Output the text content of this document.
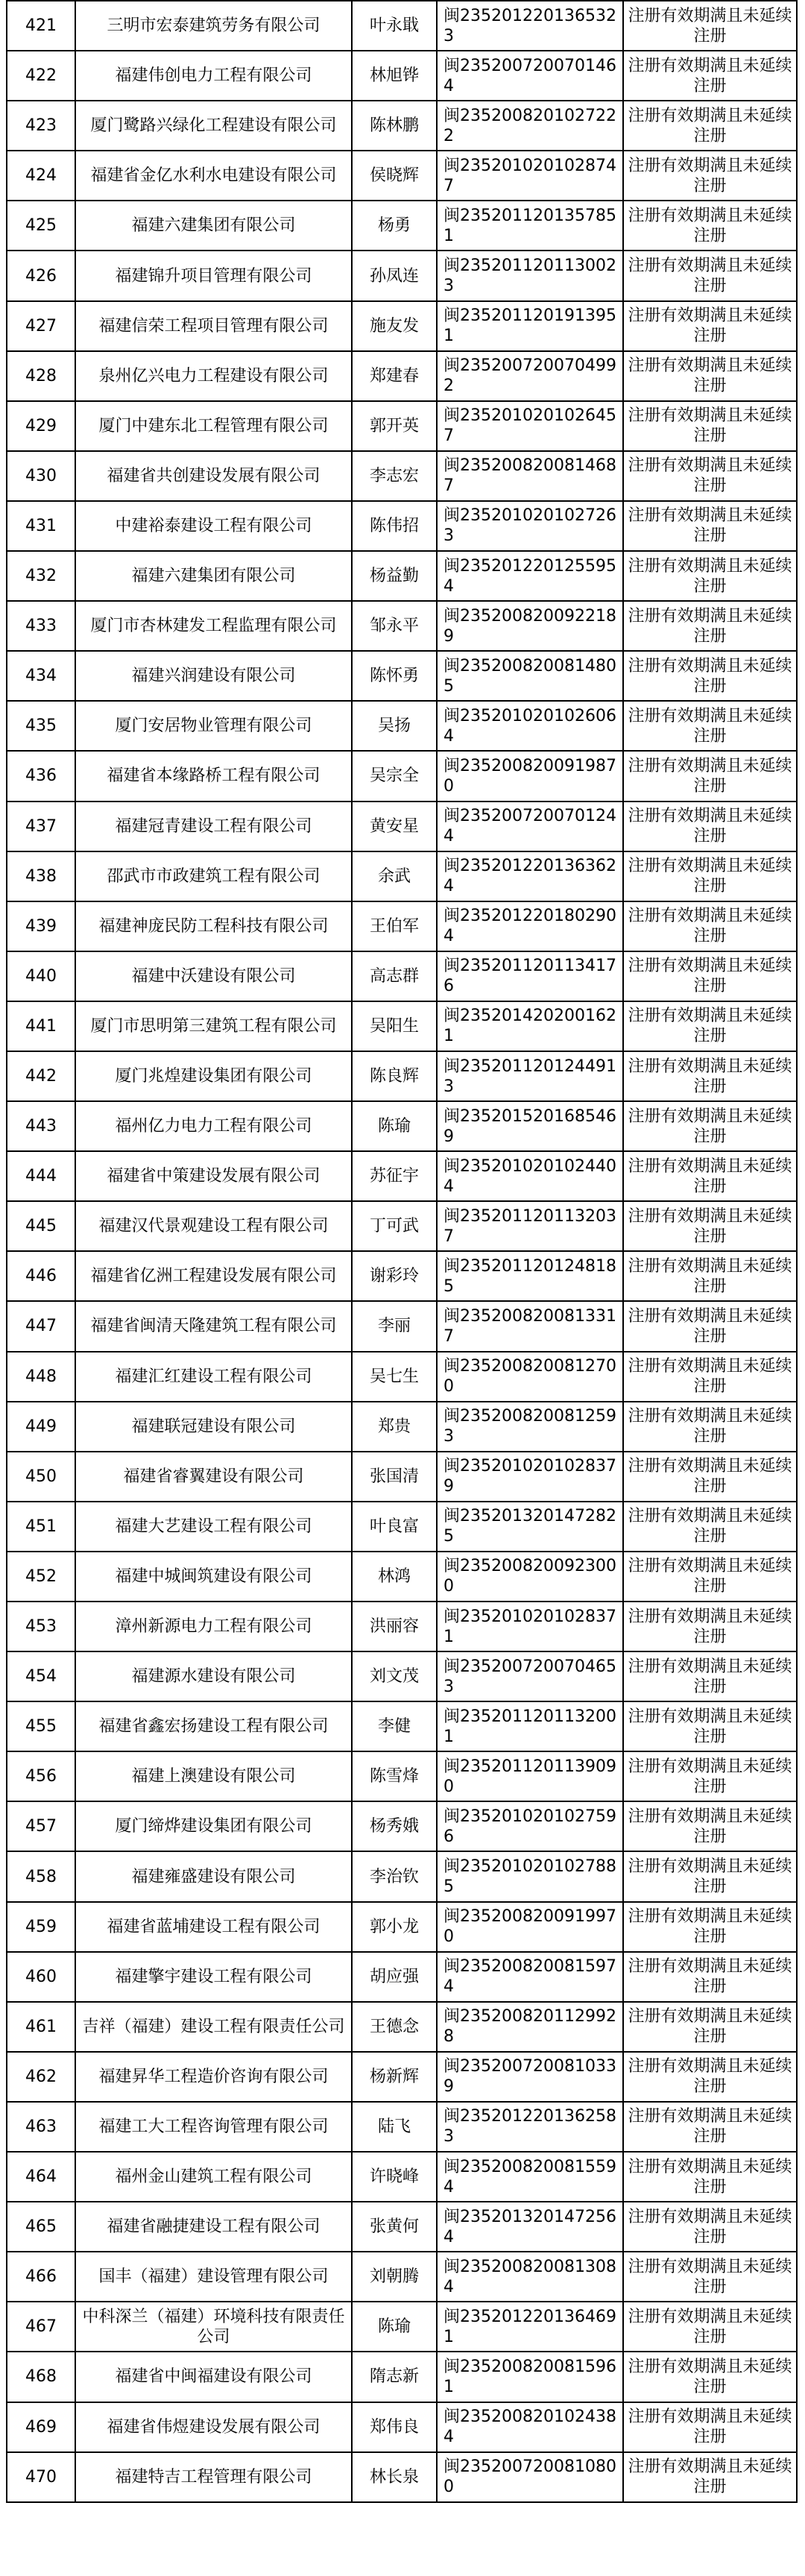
421	三明市宏泰建筑劳务有限公司	叶永戢	闽2352012201365323	注册有效期满且未延续注册
422	福建伟创电力工程有限公司	林旭铧	闽2352007200701464	注册有效期满且未延续注册
423	厦门鹭路兴绿化工程建设有限公司	陈林鹏	闽2352008201027222	注册有效期满且未延续注册
424	福建省金亿水利水电建设有限公司	侯晓辉	闽2352010201028747	注册有效期满且未延续注册
425	福建六建集团有限公司	杨勇	闽2352011201357851	注册有效期满且未延续注册
426	福建锦升项目管理有限公司	孙凤连	闽2352011201130023	注册有效期满且未延续注册
427	福建信荣工程项目管理有限公司	施友发	闽2352011201913951	注册有效期满且未延续注册
428	泉州亿兴电力工程建设有限公司	郑建春	闽2352007200704992	注册有效期满且未延续注册
429	厦门中建东北工程管理有限公司	郭开英	闽2352010201026457	注册有效期满且未延续注册
430	福建省共创建设发展有限公司	李志宏	闽2352008200814687	注册有效期满且未延续注册
431	中建裕泰建设工程有限公司	陈伟招	闽2352010201027263	注册有效期满且未延续注册
432	福建六建集团有限公司	杨益勤	闽2352012201255954	注册有效期满且未延续注册
433	厦门市杏林建发工程监理有限公司	邹永平	闽2352008200922189	注册有效期满且未延续注册
434	福建兴润建设有限公司	陈怀勇	闽2352008200814805	注册有效期满且未延续注册
435	厦门安居物业管理有限公司	吴扬	闽2352010201026064	注册有效期满且未延续注册
436	福建省本缘路桥工程有限公司	吴宗全	闽2352008200919870	注册有效期满且未延续注册
437	福建冠青建设工程有限公司	黄安星	闽2352007200701244	注册有效期满且未延续注册
438	邵武市市政建筑工程有限公司	余武	闽2352012201363624	注册有效期满且未延续注册
439	福建神庞民防工程科技有限公司	王伯军	闽2352012201802904	注册有效期满且未延续注册
440	福建中沃建设有限公司	高志群	闽2352011201134176	注册有效期满且未延续注册
441	厦门市思明第三建筑工程有限公司	吴阳生	闽2352014202001621	注册有效期满且未延续注册
442	厦门兆煌建设集团有限公司	陈良辉	闽2352011201244913	注册有效期满且未延续注册
443	福州亿力电力工程有限公司	陈瑜	闽2352015201685469	注册有效期满且未延续注册
444	福建省中策建设发展有限公司	苏征宇	闽2352010201024404	注册有效期满且未延续注册
445	福建汉代景观建设工程有限公司	丁可武	闽2352011201132037	注册有效期满且未延续注册
446	福建省亿洲工程建设发展有限公司	谢彩玲	闽2352011201248185	注册有效期满且未延续注册
447	福建省闽清天隆建筑工程有限公司	李丽	闽2352008200813317	注册有效期满且未延续注册
448	福建汇红建设工程有限公司	吴七生	闽2352008200812700	注册有效期满且未延续注册
449	福建联冠建设有限公司	郑贵	闽2352008200812593	注册有效期满且未延续注册
450	福建省睿翼建设有限公司	张国清	闽2352010201028379	注册有效期满且未延续注册
451	福建大艺建设工程有限公司	叶良富	闽2352013201472825	注册有效期满且未延续注册
452	福建中城闽筑建设有限公司	林鸿	闽2352008200923000	注册有效期满且未延续注册
453	漳州新源电力工程有限公司	洪丽容	闽2352010201028371	注册有效期满且未延续注册
454	福建源水建设有限公司	刘文茂	闽2352007200704653	注册有效期满且未延续注册
455	福建省鑫宏扬建设工程有限公司	李健	闽2352011201132001	注册有效期满且未延续注册
456	福建上澳建设有限公司	陈雪烽	闽2352011201139090	注册有效期满且未延续注册
457	厦门缔烨建设集团有限公司	杨秀娥	闽2352010201027596	注册有效期满且未延续注册
458	福建雍盛建设有限公司	李治钦	闽2352010201027885	注册有效期满且未延续注册
459	福建省蓝埔建设工程有限公司	郭小龙	闽2352008200919970	注册有效期满且未延续注册
460	福建擎宇建设工程有限公司	胡应强	闽2352008200815974	注册有效期满且未延续注册
461	吉祥（福建）建设工程有限责任公司	王德念	闽2352008201129928	注册有效期满且未延续注册
462	福建昇华工程造价咨询有限公司	杨新辉	闽2352007200810339	注册有效期满且未延续注册
463	福建工大工程咨询管理有限公司	陆飞	闽2352012201362583	注册有效期满且未延续注册
464	福州金山建筑工程有限公司	许晓峰	闽2352008200815594	注册有效期满且未延续注册
465	福建省融捷建设工程有限公司	张黄何	闽2352013201472564	注册有效期满且未延续注册
466	国丰（福建）建设管理有限公司	刘朝腾	闽2352008200813084	注册有效期满且未延续注册
467	中科深兰（福建）环境科技有限责任公司	陈瑜	闽2352012201364691	注册有效期满且未延续注册
468	福建省中闽福建设有限公司	隋志新	闽2352008200815961	注册有效期满且未延续注册
469	福建省伟煜建设发展有限公司	郑伟良	闽2352008201024384	注册有效期满且未延续注册
470	福建特吉工程管理有限公司	林长泉	闽2352007200810800	注册有效期满且未延续注册
